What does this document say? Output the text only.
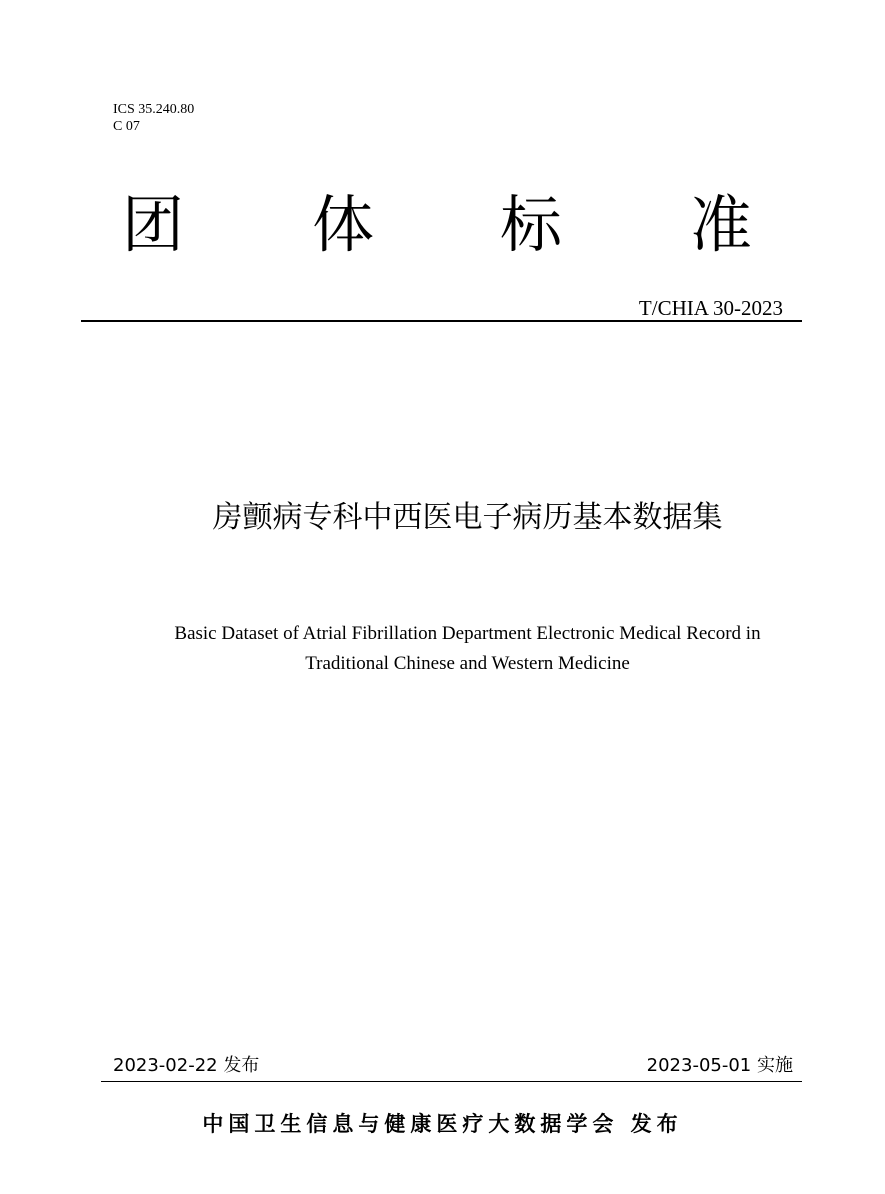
ICS 35.240.80
C 07
团 体 标 准
T/CHIA 30-2023
房颤病专科中西医电子病历基本数据集
Basic Dataset of Atrial Fibrillation Department Electronic Medical Record in
Traditional Chinese and Western Medicine
2023-02-22 发布	2023-05-01 实施
中国卫生信息与健康医疗大数据学会 发布
